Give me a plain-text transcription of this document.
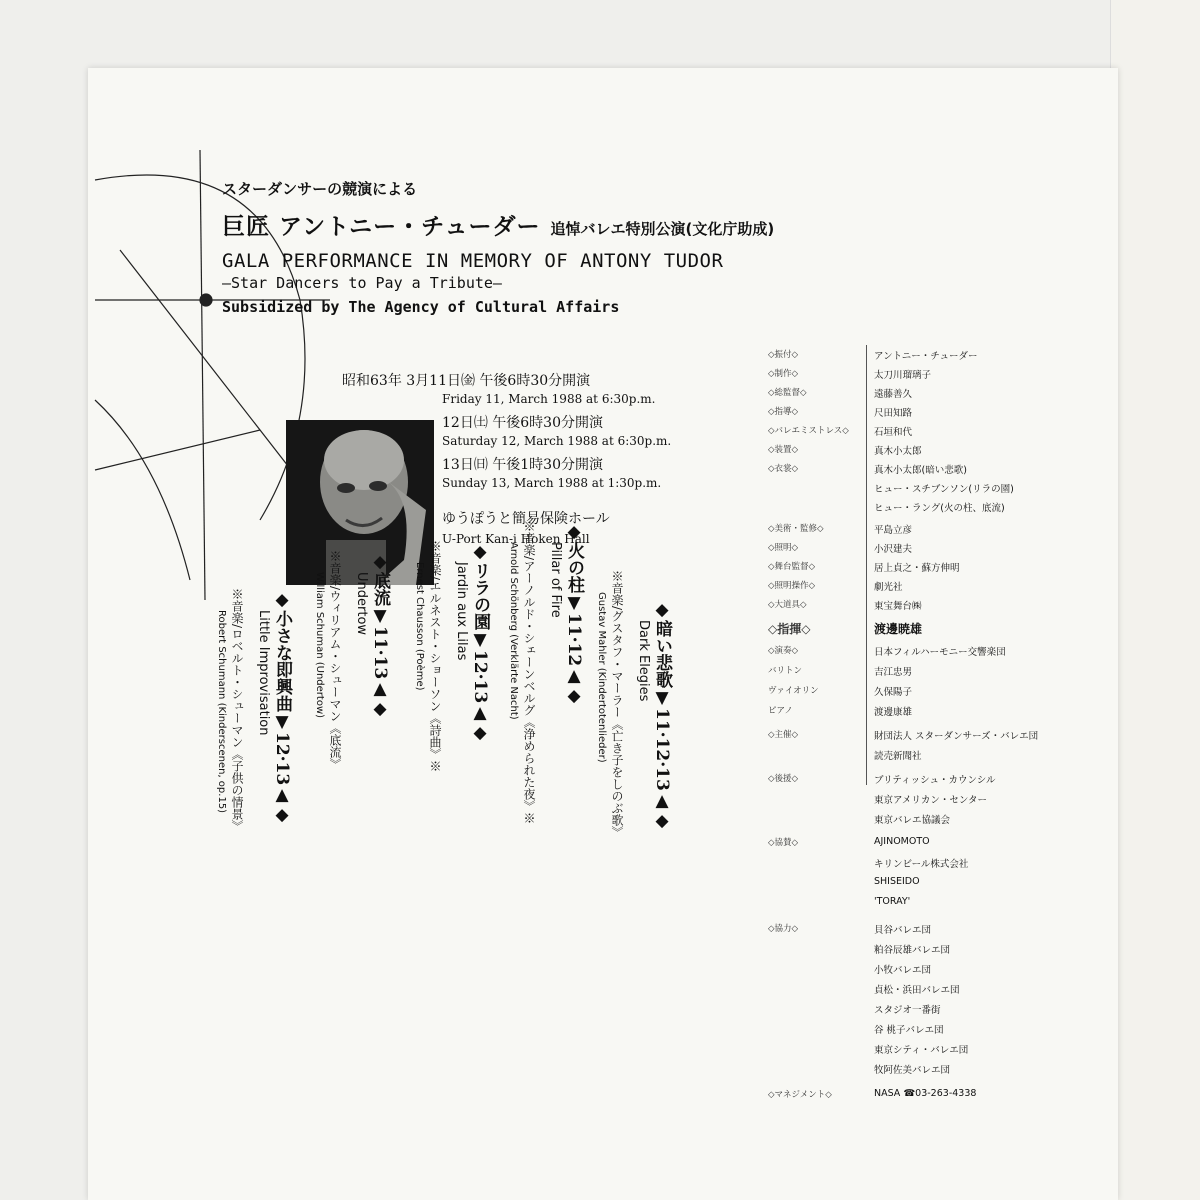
スターダンサーの競演による
巨匠 アントニー・チューダー 追悼バレエ特別公演(文化庁助成)
GALA PERFORMANCE IN MEMORY OF ANTONY TUDOR
—Star Dancers to Pay a Tribute—
Subsidized by The Agency of Cultural Affairs
昭和63年 3月11日㈮ 午後6時30分開演
Friday 11, March 1988 at 6:30p.m.
12日㈯ 午後6時30分開演
Saturday 12, March 1988 at 6:30p.m.
13日㈰ 午後1時30分開演
Sunday 13, March 1988 at 1:30p.m.
ゆうぽうと簡易保険ホール
U-Port Kan-i Hoken Hall
◆暗い悲歌▼11·12·13▲◆
Dark Elegies
※音楽/グスタフ・マーラー《亡き子をしのぶ歌》
Gustav Mahler (Kindertotenlieder)
◆火の柱▼11·12▲◆
Pillar of Fire
※音楽/アーノルド・シェーンベルグ《浄められた夜》※
Arnold Schönberg (Verklärte Nacht)
◆リラの園▼12·13▲◆
Jardin aux Lilas
※音楽/エルネスト・ショーソン《詩曲》※
Ernest Chausson (Poème)
◆底流▼11·13▲◆
Undertow
※音楽/ウィリアム・シューマン《底流》
William Schuman (Undertow)
◆小さな即興曲▼12·13▲◆
Little Improvisation
※音楽/ロベルト・シューマン《子供の情景》
Robert Schumann (Kinderscenen, op.15)
◇振付◇	アントニー・チューダー
◇制作◇	太刀川瑠璃子
◇総監督◇	遠藤善久
◇指導◇	尺田知路
◇バレエミストレス◇	石垣和代
◇装置◇	真木小太郎
◇衣裳◇	真木小太郎(暗い悲歌)
ヒュー・スチブンソン(リラの園)
ヒュー・ラング(火の柱、底流)
◇美術・監修◇	平島立彦
◇照明◇	小沢建夫
◇舞台監督◇	居上貞之・蘇方伸明
◇照明操作◇	劇光社
◇大道具◇	東宝舞台㈱
◇指揮◇	渡邊暁雄
◇演奏◇	日本フィルハーモニー交響楽団
バリトン	吉江忠男
ヴァイオリン	久保陽子
ピアノ	渡邊康雄
◇主催◇	財団法人 スターダンサーズ・バレエ団
読売新聞社
◇後援◇	ブリティッシュ・カウンシル
東京アメリカン・センター
東京バレエ協議会
◇協賛◇	AJINOMOTO
キリンビール株式会社
SHISEIDO
'TORAY'
◇協力◇	貝谷バレエ団
粕谷辰雄バレエ団
小牧バレエ団
貞松・浜田バレエ団
スタジオ一番街
谷 桃子バレエ団
東京シティ・バレエ団
牧阿佐美バレエ団
◇マネジメント◇	NASA ☎03-263-4338
